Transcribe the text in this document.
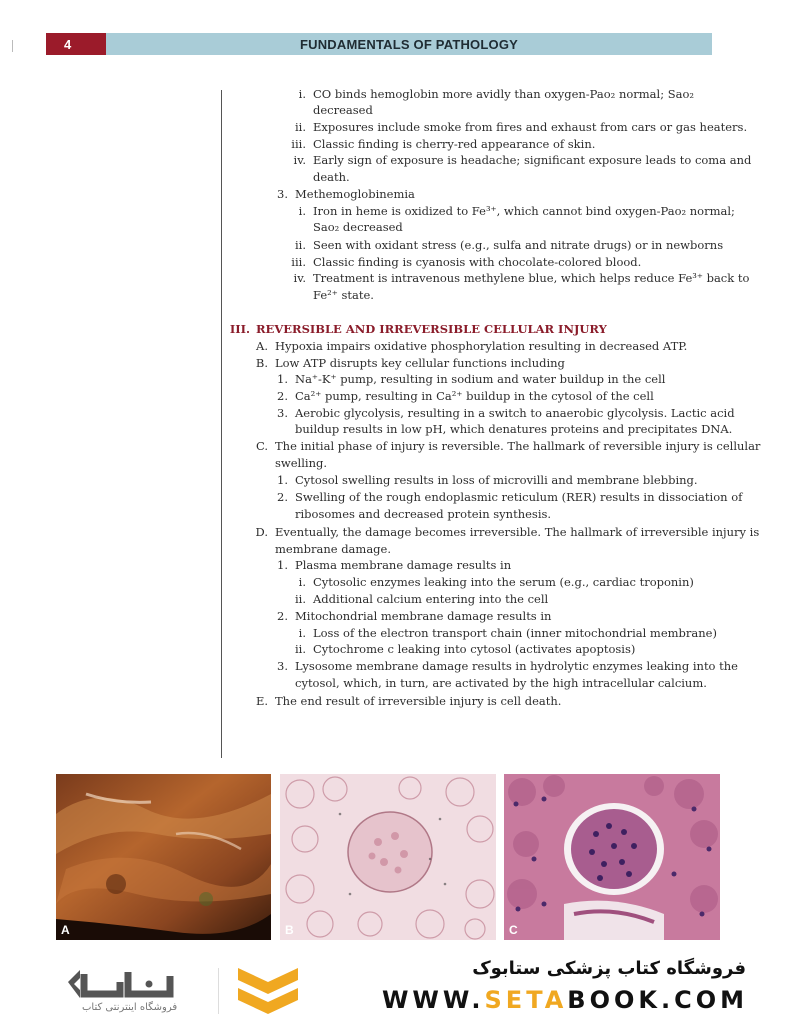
4	FUNDAMENTALS OF PATHOLOGY
i. CO binds hemoglobin more avidly than oxygen-Pao₂ normal; Sao₂
decreased
ii. Exposures include smoke from fires and exhaust from cars or gas heaters.
iii. Classic finding is cherry-red appearance of skin.
iv. Early sign of exposure is headache; significant exposure leads to coma and
death.
3. Methemoglobinemia
i. Iron in heme is oxidized to Fe³⁺, which cannot bind oxygen-Pao₂ normal;
Sao₂ decreased
ii. Seen with oxidant stress (e.g., sulfa and nitrate drugs) or in newborns
iii. Classic finding is cyanosis with chocolate-colored blood.
iv. Treatment is intravenous methylene blue, which helps reduce Fe³⁺ back to
Fe²⁺ state.
III. REVERSIBLE AND IRREVERSIBLE CELLULAR INJURY
A. Hypoxia impairs oxidative phosphorylation resulting in decreased ATP.
B. Low ATP disrupts key cellular functions including
1. Na⁺-K⁺ pump, resulting in sodium and water buildup in the cell
2. Ca²⁺ pump, resulting in Ca²⁺ buildup in the cytosol of the cell
3. Aerobic glycolysis, resulting in a switch to anaerobic glycolysis. Lactic acid
buildup results in low pH, which denatures proteins and precipitates DNA.
C. The initial phase of injury is reversible. The hallmark of reversible injury is cellular
swelling.
1. Cytosol swelling results in loss of microvilli and membrane blebbing.
2. Swelling of the rough endoplasmic reticulum (RER) results in dissociation of
ribosomes and decreased protein synthesis.
D. Eventually, the damage becomes irreversible. The hallmark of irreversible injury is
membrane damage.
1. Plasma membrane damage results in
i. Cytosolic enzymes leaking into the serum (e.g., cardiac troponin)
ii. Additional calcium entering into the cell
2. Mitochondrial membrane damage results in
i. Loss of the electron transport chain (inner mitochondrial membrane)
ii. Cytochrome c leaking into cytosol (activates apoptosis)
3. Lysosome membrane damage results in hydrolytic enzymes leaking into the
cytosol, which, in turn, are activated by the high intracellular calcium.
E. The end result of irreversible injury is cell death.
A	B	C
فروشگاه اینترنتی کتاب
فروشگاه کتاب پزشکی ستابوک
WWW.SETABOOK.COM
